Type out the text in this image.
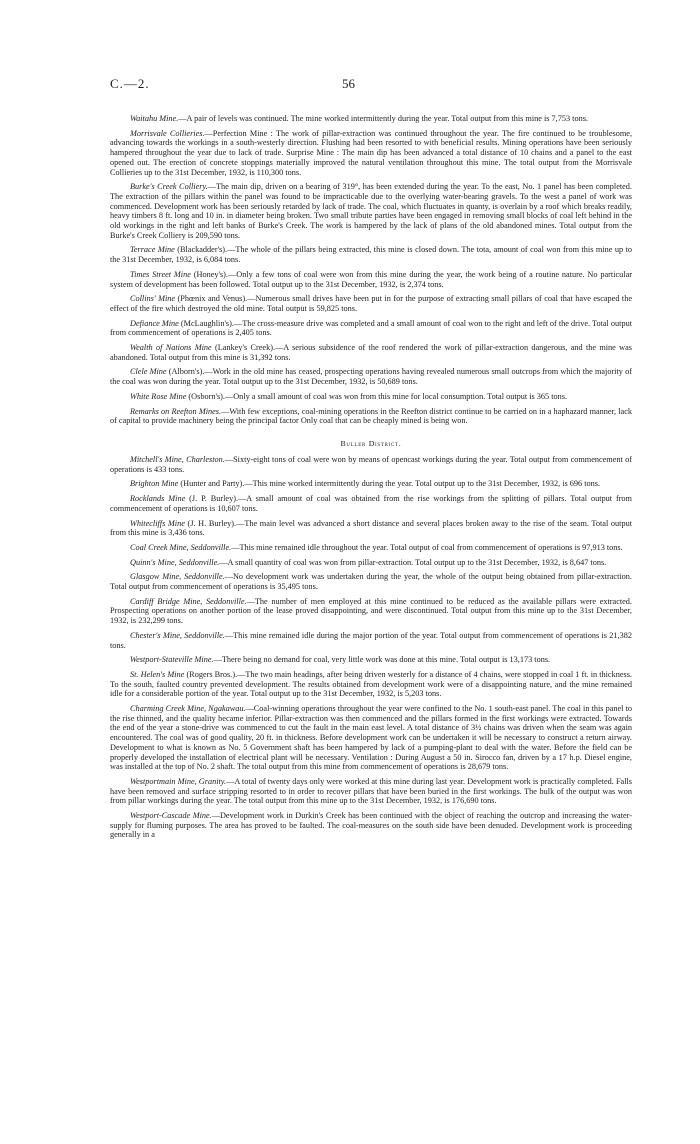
C.—2.	56

Waitahu Mine.—A pair of levels was continued. The mine worked intermittently during the year. Total output from this mine is 7,753 tons.

Morrisvale Collieries.—Perfection Mine : The work of pillar-extraction was continued throughout the year. The fire continued to be troublesome, advancing towards the workings in a south-westerly direction. Flushing had been resorted to with beneficial results. Mining operations have been seriously hampered throughout the year due to lack of trade. Surprise Mine : The main dip has been advanced a total distance of 10 chains and a panel to the east opened out. The erection of concrete stoppings materially improved the natural ventilation throughout this mine. The total output from the Morrisvale Collieries up to the 31st December, 1932, is 110,300 tons.

Burke's Creek Colliery.—The main dip, driven on a bearing of 319°, has been extended during the year. To the east, No. 1 panel has been completed. The extraction of the pillars within the panel was found to be impracticable due to the overlying water-bearing gravels. To the west a panel of work was commenced. Development work has been seriously retarded by lack of trade. The coal, which fluctuates in quanty, is overlain by a roof which breaks readily, heavy timbers 8 ft. long and 10 in. in diameter being broken. Two small tribute parties have been engaged in removing small blocks of coal left behind in the old workings in the right and left banks of Burke's Creek. The work is hampered by the lack of plans of the old abandoned mines. Total output from the Burke's Creek Colliery is 209,590 tons.

Terrace Mine (Blackadder's).—The whole of the pillars being extracted, this mine is closed down. The tota, amount of coal won from this mine up to the 31st December, 1932, is 6,084 tons.

Times Street Mine (Honey's).—Only a few tons of coal were won from this mine during the year, the work being of a routine nature. No particular system of development has been followed. Total output up to the 31st December, 1932, is 2,374 tons.

Collins' Mine (Phœnix and Venus).—Numerous small drives have been put in for the purpose of extracting small pillars of coal that have escaped the effect of the fire which destroyed the old mine. Total output is 59,825 tons.

Defiance Mine (McLaughlin's).—The cross-measure drive was completed and a small amount of coal won to the right and left of the drive. Total output from commencement of operations is 2,405 tons.

Wealth of Nations Mine (Lankey's Creek).—A serious subsidence of the roof rendered the work of pillar-extraction dangerous, and the mine was abandoned. Total output from this mine is 31,392 tons.

Clele Mine (Alborn's).—Work in the old mine has ceased, prospecting operations having revealed numerous small outcrops from which the majority of the coal was won during the year. Total output up to the 31st December, 1932, is 50,689 tons.

White Rose Mine (Osborn's).—Only a small amount of coal was won from this mine for local consumption. Total output is 365 tons.

Remarks on Reefton Mines.—With few exceptions, coal-mining operations in the Reefton district continue to be carried on in a haphazard manner, lack of capital to provide machinery being the principal factor Only coal that can be cheaply mined is being won.

Buller District.

Mitchell's Mine, Charleston.—Sixty-eight tons of coal were won by means of opencast workings during the year. Total output from commencement of operations is 433 tons.

Brighton Mine (Hunter and Party).—This mine worked intermittently during the year. Total output up to the 31st December, 1932, is 696 tons.

Rocklands Mine (J. P. Burley).—A small amount of coal was obtained from the rise workings from the splitting of pillars. Total output from commencement of operations is 10,607 tons.

Whitecliffs Mine (J. H. Burley).—The main level was advanced a short distance and several places broken away to the rise of the seam. Total output from this mine is 3,436 tons.

Coal Creek Mine, Seddonville.—This mine remained idle throughout the year. Total output of coal from commencement of operations is 97,913 tons.

Quinn's Mine, Seddonville.—A small quantity of coal was won from pillar-extraction. Total output up to the 31st December, 1932, is 8,647 tons.

Glasgow Mine, Seddonville.—No development work was undertaken during the year, the whole of the output being obtained from pillar-extraction. Total output from commencement of operations is 35,495 tons.

Cardiff Bridge Mine, Seddonville.—The number of men employed at this mine continued to be reduced as the available pillars were extracted. Prospecting operations on another portion of the lease proved disappointing, and were discontinued. Total output from this mine up to the 31st December, 1932, is 232,299 tons.

Chester's Mine, Seddonville.—This mine remained idle during the major portion of the year. Total output from commencement of operations is 21,382 tons.

Westport-Stateville Mine.—There being no demand for coal, very little work was done at this mine. Total output is 13,173 tons.

St. Helen's Mine (Rogers Bros.).—The two main headings, after being driven westerly for a distance of 4 chains, were stopped in coal 1 ft. in thickness. To the south, faulted country prevented development. The results obtained from development work were of a disappointing nature, and the mine remained idle for a considerable portion of the year. Total output up to the 31st December, 1932, is 5,203 tons.

Charming Creek Mine, Ngakawau.—Coal-winning operations throughout the year were confined to the No. 1 south-east panel. The coal in this panel to the rise thinned, and the quality became inferior. Pillar-extraction was then commenced and the pillars formed in the first workings were extracted. Towards the end of the year a stone-drive was commenced to cut the fault in the main east level. A total distance of 3½ chains was driven when the seam was again encountered. The coal was of good quality, 20 ft. in thickness. Before development work can be undertaken it will be necessary to construct a return airway. Development to what is known as No. 5 Government shaft has been hampered by lack of a pumping-plant to deal with the water. Before the field can be properly developed the installation of electrical plant will be necessary. Ventilation : During August a 50 in. Sirocco fan, driven by a 17 h.p. Diesel engine, was installed at the top of No. 2 shaft. The total output from this mine from commencement of operations is 28,679 tons.

Westportmain Mine, Granity.—A total of twenty days only were worked at this mine during last year. Development work is practically completed. Falls have been removed and surface stripping resorted to in order to recover pillars that have been buried in the first workings. The bulk of the output was won from pillar workings during the year. The total output from this mine up to the 31st December, 1932, is 176,690 tons.

Westport-Cascade Mine.—Development work in Durkin's Creek has been continued with the object of reaching the outcrop and increasing the water-supply for fluming purposes. The area has proved to be faulted. The coal-measures on the south side have been denuded. Development work is proceeding generally in a
